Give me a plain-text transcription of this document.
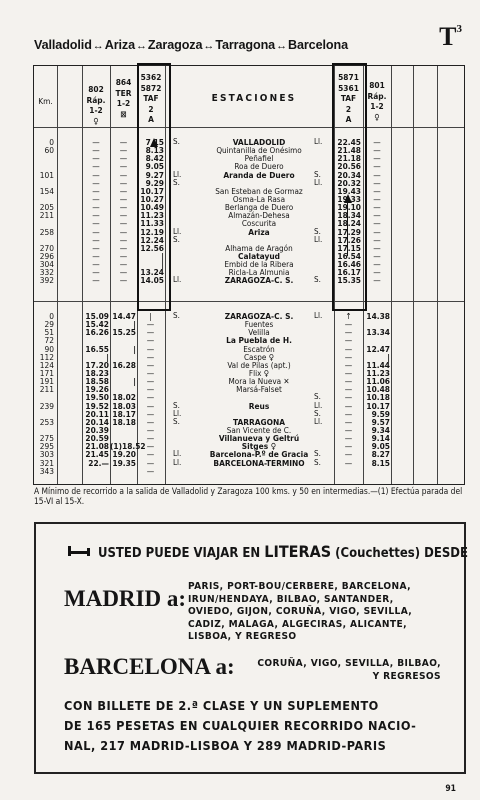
Valladolid↔Ariza↔Zaragoza↔Tarragona↔Barcelona	$T^3$
Km.
802
Ráp.
1-2
♀
864
TER
1-2
⊠
5362
5872
TAF
2
A
ESTACIONES
5871
5361
TAF
2
A
801
Ráp.
1-2
♀
0
60
101
154
205
211
258
270
296
304
332
392
—
—
—
—
—
—
—
—
—
—
—
—
—
—
—
—
—
—
—
—
—
—
—
—
—
—
—
—
—
—
—
—
—
—
—
—
7.15
8.13
8.42
9.05
9.27
9.29
10.17
10.27
10.49
11.23
11.33
12.19
12.24
12.56
|
|
13.24
14.05
S.
Ll.
S.
Ll.
S.
Ll.
VALLADOLID
Quintanilla de Onésimo
Peñafiel
Roa de Duero
Aranda de Duero
San Esteban de Gormaz
Osma-La Rasa
Berlanga de Duero
Almazán-Dehesa
Coscurita
Ariza
Alhama de Aragón
Calatayud
Embid de la Ribera
Ricla-La Almunia
ZARAGOZA-C. S.
Ll.
S.
Ll.
S.
Ll.
S.
22.45
21.48
21.18
20.56
20.34
20.32
19.43
19.33
19.10
18.34
18.24
17.29
17.26
17.15
16.54
16.46
16.17
15.35
—
—
—
—
—
—
—
—
—
—
—
—
—
—
—
—
—
—
0
29
51
72
90
112
124
171
191
211
239
253
275
295
303
321
343
15.09
15.42
16.26
16.55
|
17.20
18.23
18.58
19.26
19.50
19.52
20.11
20.14
20.39
20.59
21.08
21.45
22.—
14.47
|
15.25
|
16.28
|
18.02
18.03
18.17
18.18
(1)18.52
19.20
19.35
|
—
—
—
—
—
—
—
—
—
—
—
—
—
—
—
—
—
—
—
S.
S.
Ll.
S.
Ll.
Ll.
ZARAGOZA-C. S.
Fuentes
Velilla
La Puebla de H.
Escatrón
Caspe ♀
Val de Pilas (apt.)
Flix ♀
Mora la Nueva ✕
Marsá-Falset
Reus
TARRAGONA
San Vicente de C.
Villanueva y Geltrú
Sitges ♀
Barcelona-P.º de Gracia
BARCELONA-TERMINO
Ll.
S.
Ll.
S.
Ll.
S.
S.
↑
—
—
—
—
—
—
—
—
—
—
—
—
—
—
—
—
—
—
14.38
13.34
12.47
|
11.44
11.23
11.06
10.48
10.18
10.17
9.59
9.57
9.34
9.14
9.05
8.27
8.15
A Mínimo de recorrido a la salida de Valladolid y Zaragoza 100 kms. y 50 en intermedias.—(1) Efectúa parada del 15-VI al 15-X.
USTED PUEDE VIAJAR EN LITERAS (Couchettes) DESDE
MADRID a: PARIS, PORT-BOU/CERBERE, BARCELONA,
IRUN/HENDAYA, BILBAO, SANTANDER,
OVIEDO, GIJON, CORUÑA, VIGO, SEVILLA,
CADIZ, MALAGA, ALGECIRAS, ALICANTE,
LISBOA, Y REGRESO
BARCELONA a:	CORUÑA, VIGO, SEVILLA, BILBAO,
Y REGRESOS
CON BILLETE DE 2.ª CLASE Y UN SUPLEMENTO
DE 165 PESETAS EN CUALQUIER RECORRIDO NACIO-
NAL, 217 MADRID-LISBOA Y 289 MADRID-PARIS
91
